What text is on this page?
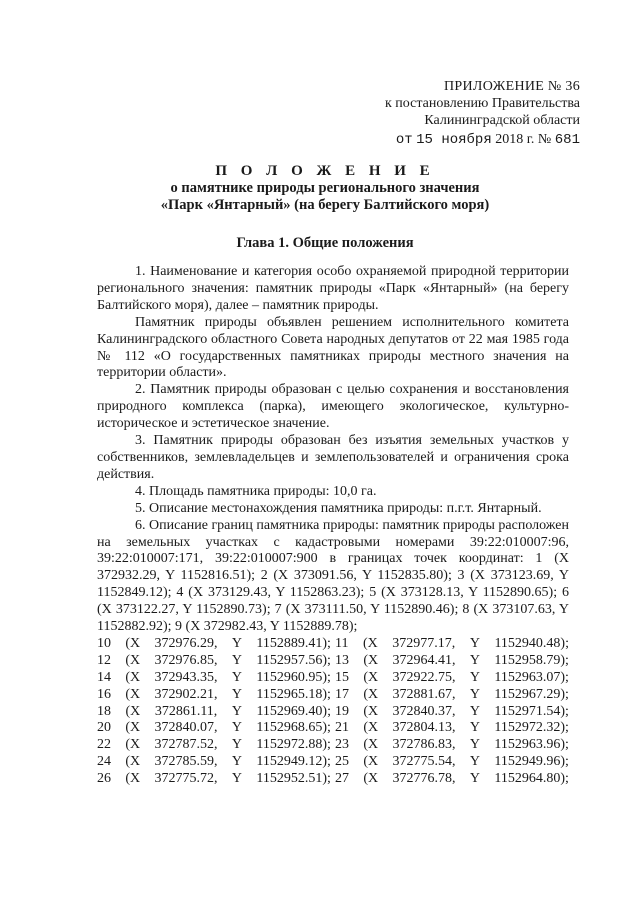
ПРИЛОЖЕНИЕ № 36
к постановлению Правительства
Калининградской области
от 15 ноября 2018 г. № 681
П О Л О Ж Е Н И Е
о памятнике природы регионального значения
«Парк «Янтарный» (на берегу Балтийского моря)
Глава 1. Общие положения

1. Наименование и категория особо охраняемой природной территории регионального значения: памятник природы «Парк «Янтарный» (на берегу Балтийского моря), далее – памятник природы.

Памятник природы объявлен решением исполнительного комитета Калининградского областного Совета народных депутатов от 22 мая 1985 года № 112 «О государственных памятниках природы местного значения на территории области».

2. Памятник природы образован с целью сохранения и восстановления природного комплекса (парка), имеющего экологическое, культурно-историческое и эстетическое значение.

3. Памятник природы образован без изъятия земельных участков у собственников, землевладельцев и землепользователей и ограничения срока действия.

4. Площадь памятника природы: 10,0 га.

5. Описание местонахождения памятника природы: п.г.т. Янтарный.

6. Описание границ памятника природы: памятник природы расположен на земельных участках с кадастровыми номерами 39:22:010007:96, 39:22:010007:171, 39:22:010007:900 в границах точек координат: 1 (X 372932.29, Y 1152816.51); 2 (X 373091.56, Y 1152835.80); 3 (X 373123.69, Y 1152849.12); 4 (X 373129.43, Y 1152863.23); 5 (X 373128.13, Y 1152890.65); 6 (X 373122.27, Y 1152890.73); 7 (X 373111.50, Y 1152890.46); 8 (X 373107.63, Y 1152882.92); 9 (X 372982.43, Y 1152889.78);

10 (X 372976.29, Y 1152889.41); 11 (X 372977.17, Y 1152940.48);
12 (X 372976.85, Y 1152957.56); 13 (X 372964.41, Y 1152958.79);
14 (X 372943.35, Y 1152960.95); 15 (X 372922.75, Y 1152963.07);
16 (X 372902.21, Y 1152965.18); 17 (X 372881.67, Y 1152967.29);
18 (X 372861.11, Y 1152969.40); 19 (X 372840.37, Y 1152971.54);
20 (X 372840.07, Y 1152968.65); 21 (X 372804.13, Y 1152972.32);
22 (X 372787.52, Y 1152972.88); 23 (X 372786.83, Y 1152963.96);
24 (X 372785.59, Y 1152949.12); 25 (X 372775.54, Y 1152949.96);
26 (X 372775.72, Y 1152952.51); 27 (X 372776.78, Y 1152964.80);
